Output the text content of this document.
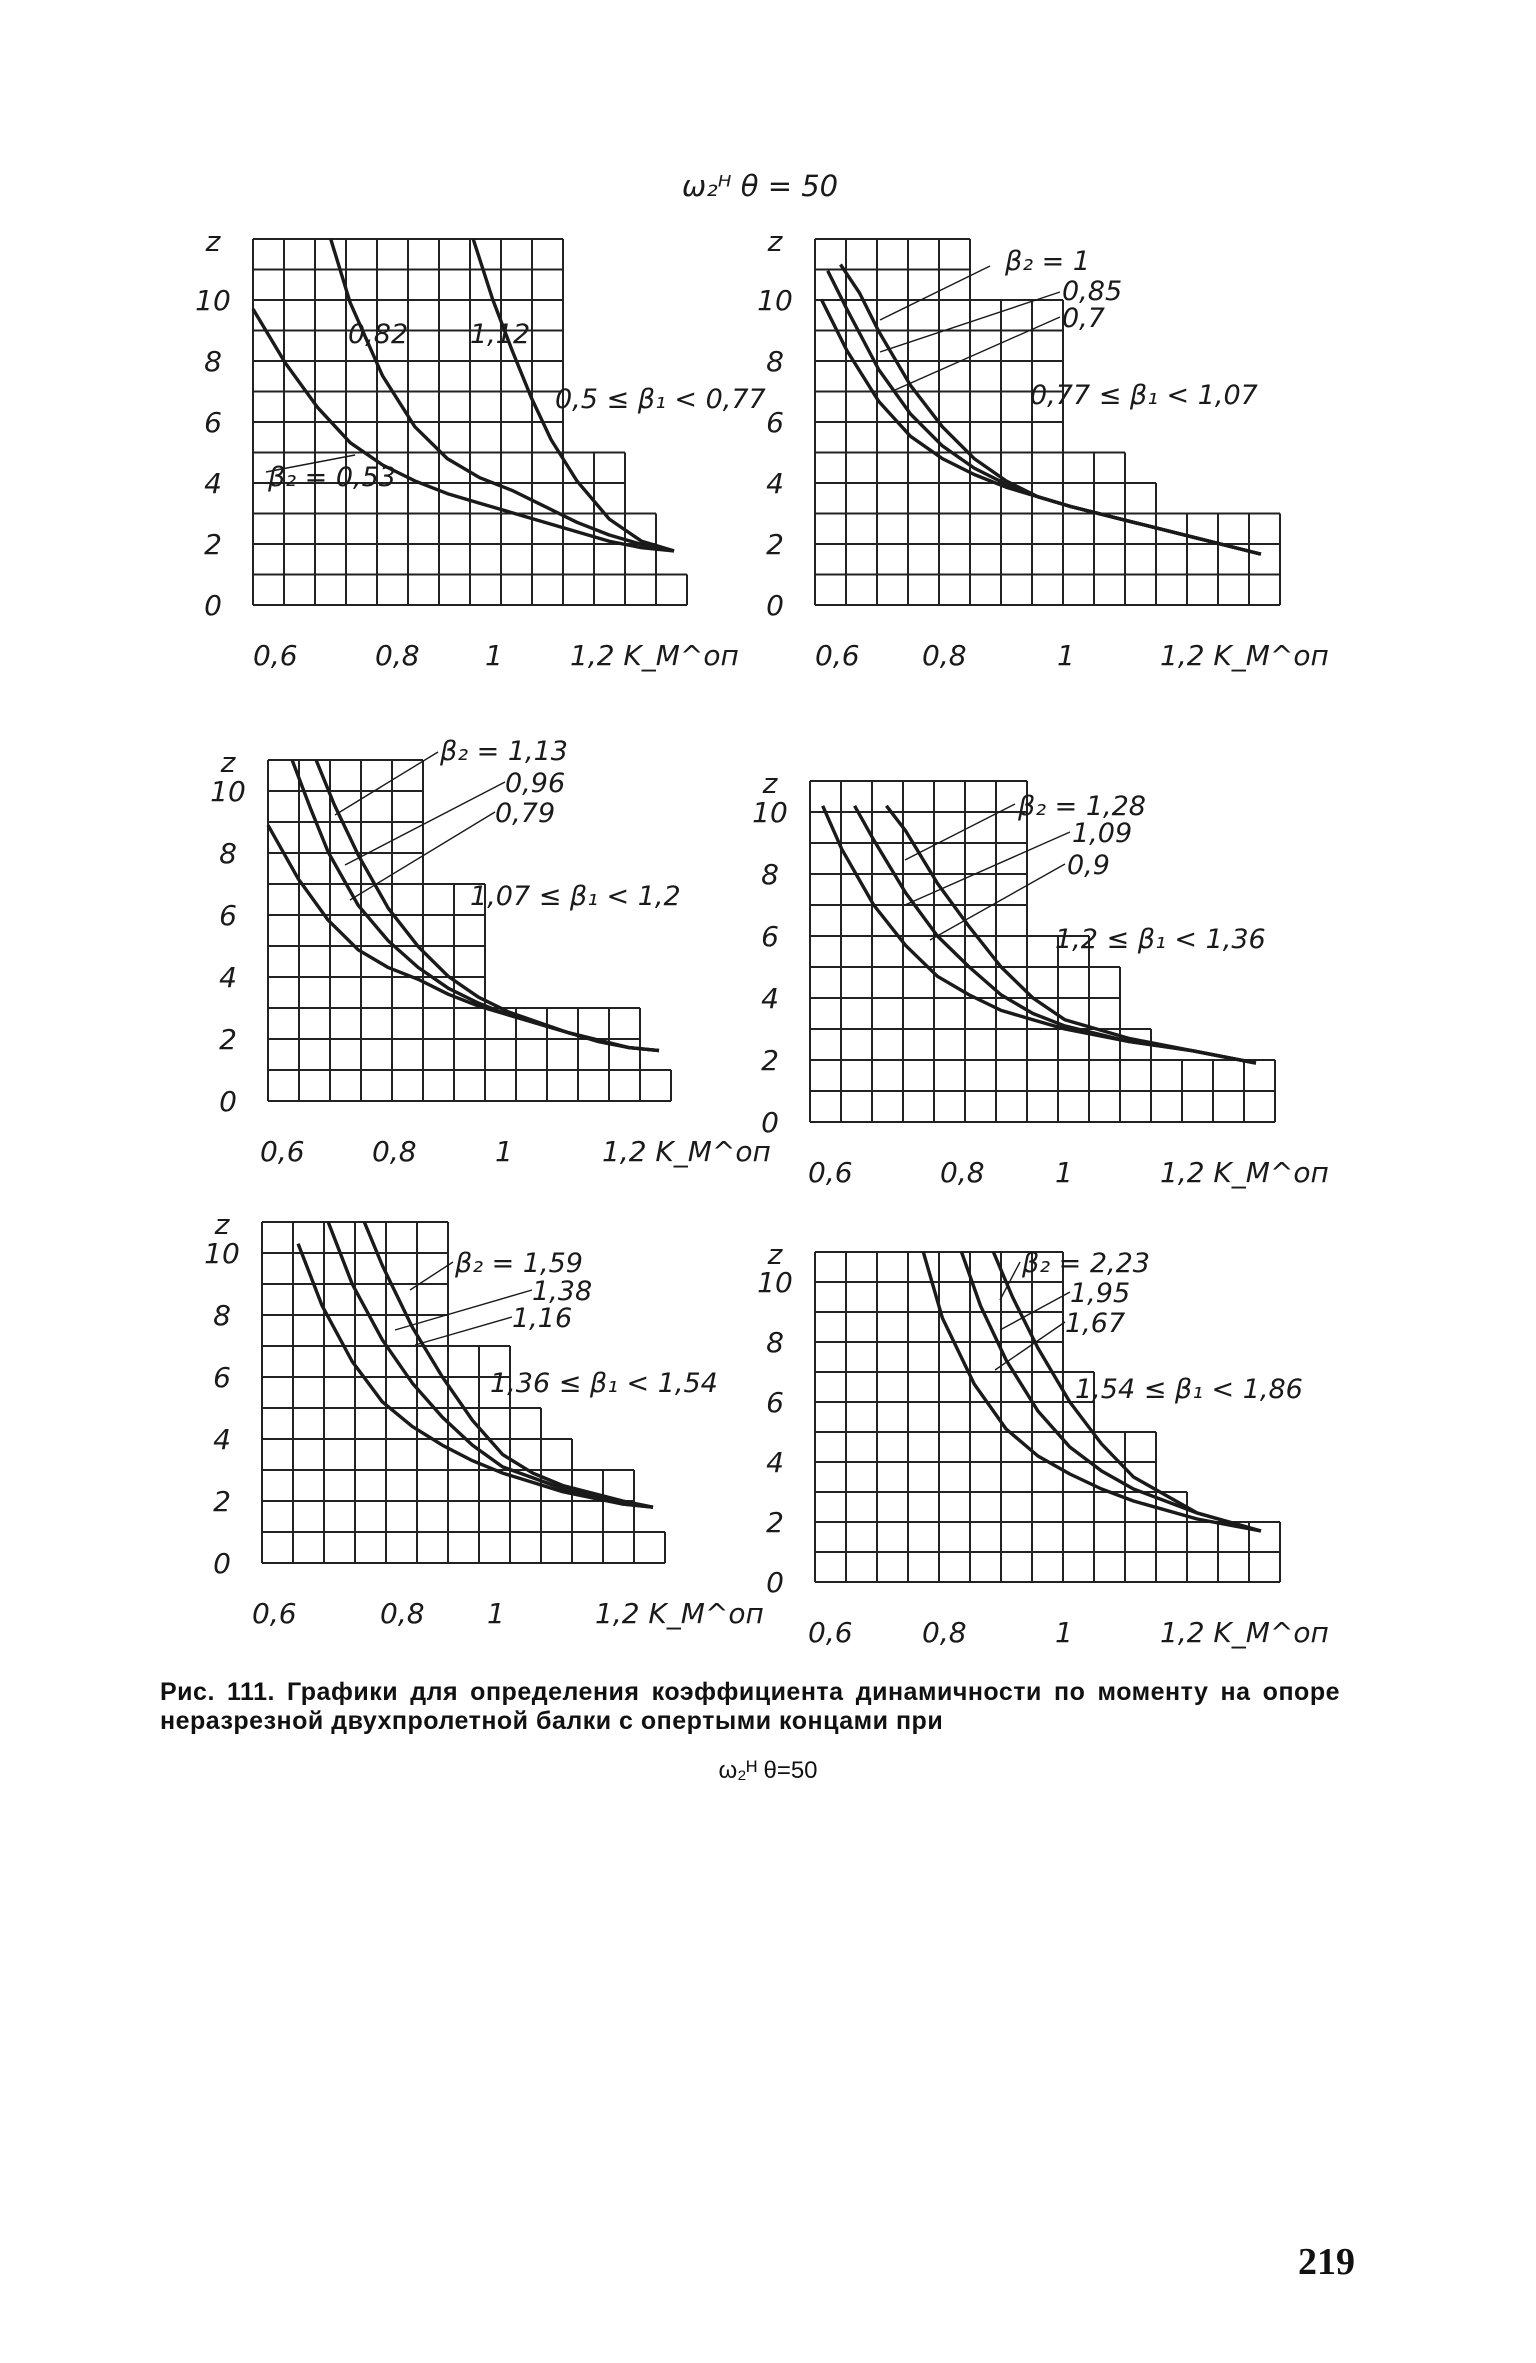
ω₂ᴴ θ = 50
0
2
4
6
8
10
z
0,6	0,8 1 1,2 K_M^оп
β₂ = 0,53
0,82 1,12
0,5 ≤ β₁ < 0,77
0
2
4
6
8
10
z
0,6 0,8	1	1,2 K_M^оп
β₂ = 1
0,85
0,7
0,77 ≤ β₁ < 1,07
0
2
4
6
8
10
z
0,6 0,8	1	1,2 K_M^оп
β₂ = 1,13
0,96
0,79
1,07 ≤ β₁ < 1,2
0
2
4
6
8
10
z
0,6	0,8	1	1,2 K_M^оп
β₂ = 1,28
1,09
0,9
1,2 ≤ β₁ < 1,36
0
2
4
6
8
10
z
0,6	0,8 1	1,2 K_M^оп
β₂ = 1,59
1,38
1,16
1,36 ≤ β₁ < 1,54
0
2
4
6
8
10
z
0,6 0,8	1	1,2 K_M^оп
β₂ = 2,23
1,95
1,67
1,54 ≤ β₁ < 1,86
Рис. 111. Графики для определения коэффициента динамичности по моменту на опоре неразрезной двухпролетной балки с опертыми концами при
ω₂ᴴ θ=50
219
